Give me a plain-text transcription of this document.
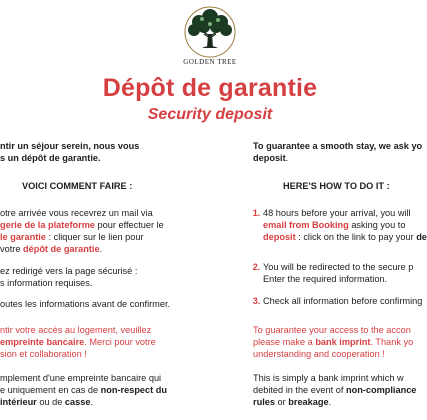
GOLDEN TREE
Dépôt de garantie
Security deposit
ntir un séjour serein, nous vous
s un dépôt de garantie.
VOICI COMMENT FAIRE :
otre arrivée vous recevrez un mail via
gerie de la plateforme pour effectuer le
le garantie : cliquer sur le lien pour
votre dépôt de garantie.
ez redirigé vers la page sécurisé :
s information requises.
outes les informations avant de confirmer.
ntir votre accès au logement, veuillez
empreinte bancaire. Merci pour votre
sion et collaboration !
mplement d'une empreinte bancaire qui
e uniquement en cas de non-respect du
intérieur ou de casse.
To guarantee a smooth stay, we ask yo
deposit.
HERE'S HOW TO DO IT :
1. 48 hours before your arrival, you will
email from Booking asking you to
deposit : click on the link to pay your de
2. You will be redirected to the secure p
Enter the required information.
3. Check all information before confirming
To guarantee your access to the accon
please make a bank imprint. Thank yo
understanding and cooperation !
This is simply a bank imprint which w
debited in the event of non-compliance
rules or breakage.
